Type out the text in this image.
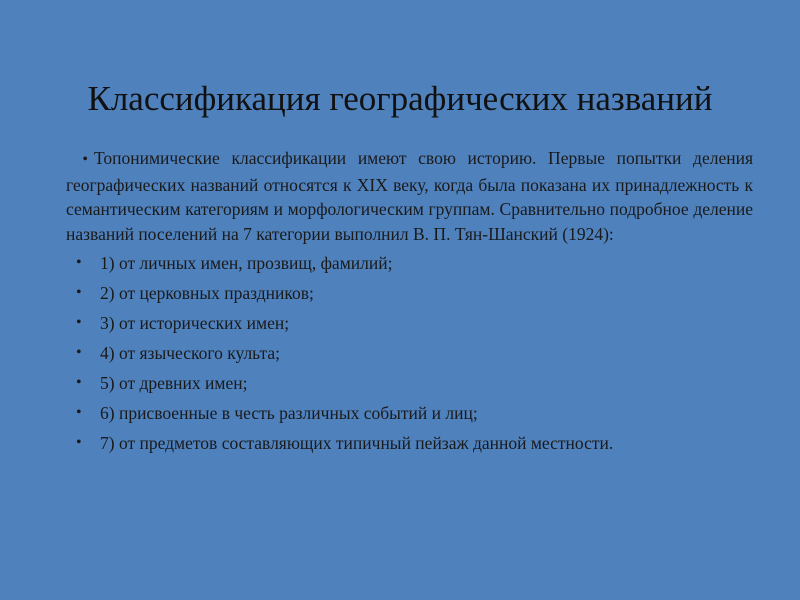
Классификация географических названий
• Топонимические классификации имеют свою историю. Первые попытки деления географических названий относятся к XIX веку, когда была показана их принадлежность к семантическим категориям и морфологическим группам. Сравнительно подробное деление названий поселений на 7 категории выполнил В. П. Тян-Шанский (1924):
• 1) от личных имен, прозвищ, фамилий;
• 2) от церковных праздников;
• 3) от исторических имен;
• 4) от языческого культа;
• 5) от древних имен;
• 6) присвоенные в честь различных событий и лиц;
• 7) от предметов составляющих типичный пейзаж данной местности.
